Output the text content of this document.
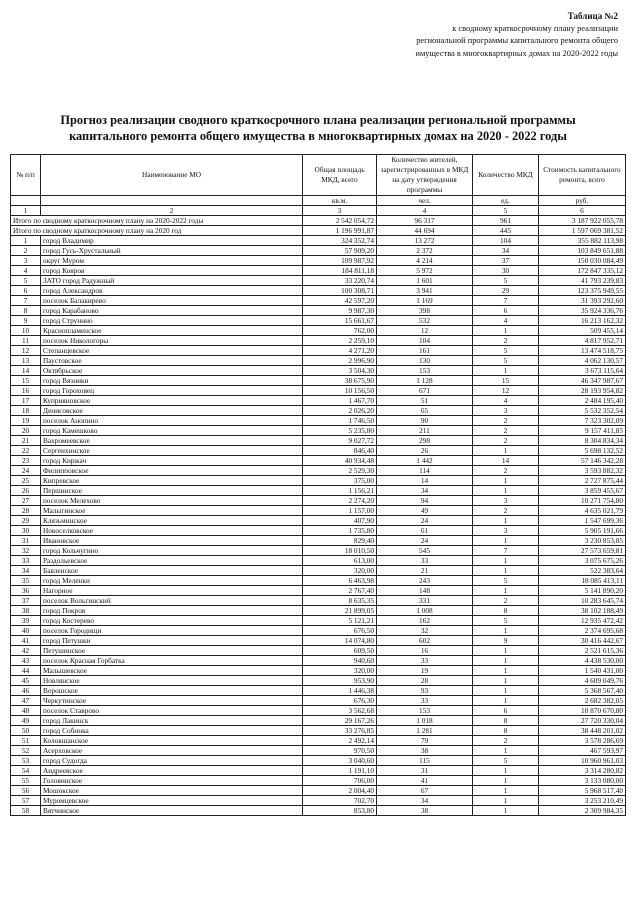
Таблица №2
к сводному краткосрочному плану реализации
региональной программы капитального ремонта общего
имущества в многоквартирных домах на 2020-2022 годы
Прогноз реализации сводного краткосрочного плана реализации региональной программы
капитального ремонта общего имущества в многоквартирных домах на 2020 - 2022 годы
№ п/п	Наименование МО	Общая площадь МКД, всего	Количество жителей, зарегистрированных в МКД на дату утверждения программы	Количество МКД	Стоимость капитального ремонта, всего
		кв.м.	чел.	ед.	руб.
1	2	3	4	5	6
Итого по сводному краткосрочному плану на 2020-2022 годы		2 542 054,72	96 317	961	3 187 922 055,78
Итого по сводному краткосрочному плану на 2020 год		1 196 991,87	44 694	445	1 597 069 381,52
1	город Владимир	324 352,74	13 272	104	355 882 113,98
2	город Гусь-Хрустальный	57 909,20	2 372	34	103 849 651,88
3	округ Муром	109 987,92	4 214	37	150 030 084,49
4	город Ковров	184 811,18	5 972	30	172 847 335,12
5	ЗАТО город Радужный	33 220,74	1 601	5	41 793 239,83
6	город Александров	100 308,71	3 941	29	123 375 949,55
7	поселок Балакирево	42 597,20	1 169	7	31 393 292,60
8	город Карабаново	9 987,30	398	6	35 924 336,76
9	город Струнино	15 661,67	532	4	16 213 162,32
10	Краснопламенское	762,00	12	1	509 455,14
11	поселок Никологоры	2 259,10	104	2	4 817 952,71
12	Степанцевское	4 271,20	161	5	13 474 518,75
13	Паустовское	2 996,90	130	5	4 062 130,57
14	Октябрьское	3 504,30	153	1	3 673 115,64
15	город Вязники	38 675,90	1 128	15	46 347 987,67
16	город Гороховец	10 156,50	671	12	28 193 954,82
17	Куприяновское	1 467,70	51	4	2 484 195,40
18	Денисовское	2 026,20	65	3	5 532 352,54
19	поселок Анопино	1 746,50	90	2	7 323 302,09
20	город Камешково	5 235,80	211	2	9 157 411,85
21	Вахромеевское	9 027,72	298	2	8 304 834,34
22	Сергеихинское	846,40	26	1	5 698 132,52
23	город Киржач	40 934,48	1 442	14	57 146 342,28
24	Филипповское	2 529,30	114	2	3 593 882,32
25	Кипревское	375,00	14	1	2 727 875,44
26	Першинское	1 156,21	34	1	3 859 455,67
27	поселок Мелехово	2 274,20	94	3	10 271 754,80
28	Малыгинское	1 157,00	49	2	4 635 021,79
29	Клязьминское	407,90	24	1	1 547 699,36
30	Новоселковское	1 735,80	61	3	5 905 191,66
31	Ивановское	829,40	24	1	3 230 853,85
32	город Кольчугино	18 010,50	545	7	27 573 659,81
33	Раздольевское	613,00	33	1	3 075 675,26
34	Бавленское	320,00	21	1	522 383,64
35	город Меленки	6 463,98	243	5	18 085 413,11
36	Нагорное	2 767,40	148	1	5 141 890,20
37	поселок Вольгинский	8 635,35	331	2	10 283 645,74
38	город Покров	21 899,05	1 008	8	38 102 188,49
39	город Костерево	5 121,21	162	5	12 935 472,42
40	поселок Городищи	676,50	32	1	2 374 695,68
41	город Петушки	14 074,80	602	9	30 416 442,67
42	Петушинское	609,50	16	1	2 521 615,36
43	поселок Красная Горбатка	940,60	33	1	4 438 530,00
44	Малышевское	320,00	19	1	1 540 431,00
45	Новлянское	953,90	28	1	4 609 049,76
46	Ворошское	1 446,38	93	1	5 368 567,40
47	Черкутинское	676,30	33	1	2 682 382,05
48	поселок Ставрово	3 562,68	153	6	10 870 670,80
49	город Лакинск	29 167,26	1 018	8	27 720 330,04
50	город Собинка	33 276,85	1 281	8	38 448 201,02
51	Колокшанское	2 492,14	79	2	3 578 286,69
52	Асерховское	970,50	38	1	467 593,97
53	город Судогда	3 040,60	115	5	10 960 961,03
54	Андреевское	1 191,10	31	1	3 314 280,82
55	Головинское	706,00	41	1	3 133 080,00
56	Мошокское	2 004,40	67	1	5 968 517,40
57	Муромцевское	702,70	34	1	3 253 210,49
58	Вятчинское	853,80	38	1	2 309 984,35
